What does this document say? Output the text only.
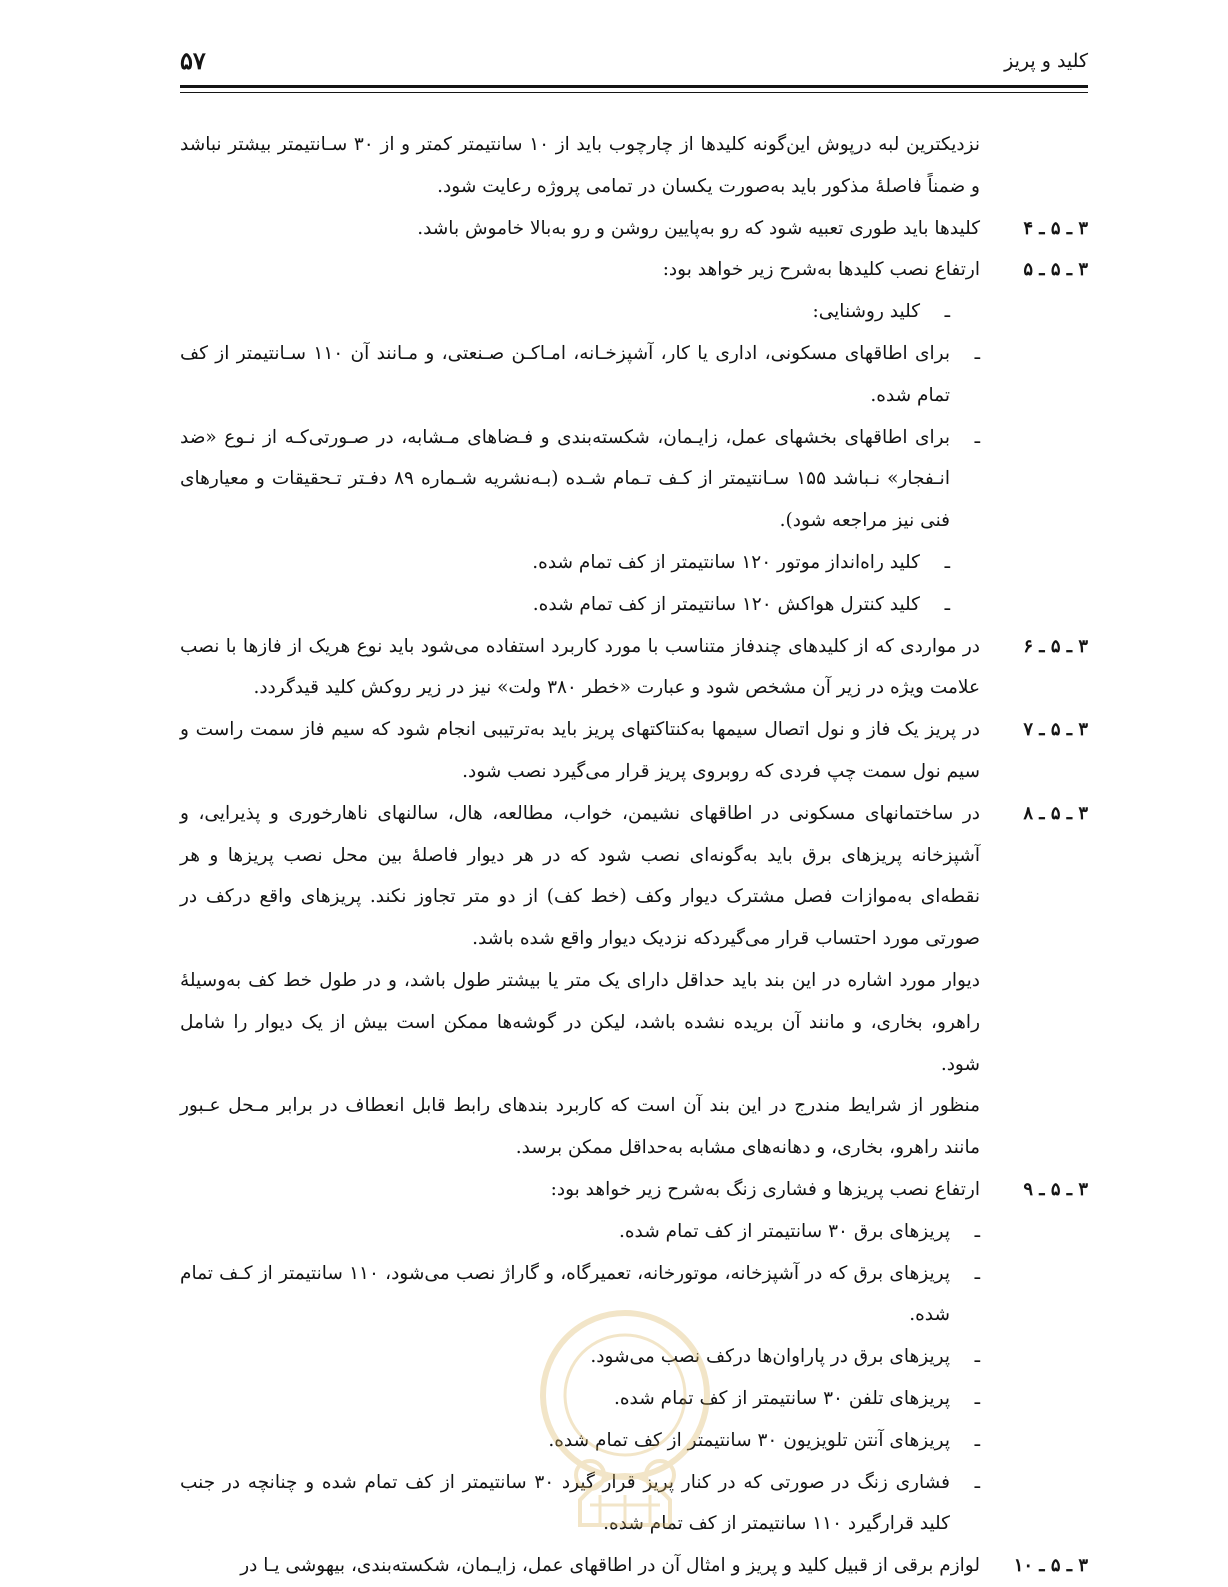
۵۷	کلید و پریز

نزدیکترین لبه درپوش این‌گونه کلیدها از چارچوب باید از ۱۰ سانتیمتر کمتر و از ۳۰ سـانتیمتر بیشتر نباشد و ضمناً فاصلهٔ مذکور باید به‌صورت یکسان در تمامی پروژه رعایت شود.

۳ ـ ۵ ـ ۴

کلیدها باید طوری تعبیه شود که رو به‌پایین روشن و رو به‌بالا خاموش باشد.

۳ ـ ۵ ـ ۵

ارتفاع نصب کلیدها به‌شرح زیر خواهد بود:

ـ

کلید روشنایی:

ـ

برای اطاقهای مسکونی، اداری یا کار، آشپزخـانه، امـاکـن صـنعتی، و مـانند آن ۱۱۰ سـانتیمتر از کف تمام شده.

ـ

برای اطاقهای بخشهای عمل، زایـمان، شکسته‌بندی و فـضاهای مـشابه، در صـورتی‌کـه از نـوع «ضد انـفجار» نـباشد ۱۵۵ سـانتیمتر از کـف تـمام شـده (بـه‌نشریه شـماره ۸۹ دفـتر تـحقیقات و معیارهای فنی نیز مراجعه شود).

ـ

کلید راه‌انداز موتور ۱۲۰ سانتیمتر از کف تمام شده.

ـ

کلید کنترل هواکش ۱۲۰ سانتیمتر از کف تمام شده.

۳ ـ ۵ ـ ۶

در مواردی که از کلیدهای چندفاز متناسب با مورد کاربرد استفاده می‌شود باید نوع هریک از فازها با نصب علامت ویژه در زیر آن مشخص شود و عبارت «خطر ۳۸۰ ولت» نیز در زیر روکش کلید قیدگردد.

۳ ـ ۵ ـ ۷

در پریز یک فاز و نول اتصال سیمها به‌کنتاکتهای پریز باید به‌ترتیبی انجام شود که سیم فاز سمت راست و سیم نول سمت چپ فردی که روبروی پریز قرار می‌گیرد نصب شود.

۳ ـ ۵ ـ ۸

در ساختمانهای مسکونی در اطاقهای نشیمن، خواب، مطالعه، هال، سالنهای ناهارخوری و پذیرایی، و آشپزخانه پریزهای برق باید به‌گونه‌ای نصب شود که در هر دیوار فاصلهٔ بین محل نصب پریزها و هر نقطه‌ای به‌موازات فصل مشترک دیوار وکف (خط کف) از دو متر تجاوز نکند. پریزهای واقع درکف در صورتی مورد احتساب قرار می‌گیردکه نزدیک دیوار واقع شده باشد.

دیوار مورد اشاره در این بند باید حداقل دارای یک متر یا بیشتر طول باشد، و در طول خط کف به‌وسیلهٔ راهرو، بخاری، و مانند آن بریده نشده باشد، لیکن در گوشه‌ها ممکن است بیش از یک دیوار را شامل شود.

منظور از شرایط مندرج در این بند آن است که کاربرد بندهای رابط قابل انعطاف در برابر مـحل عـبور مانند راهرو، بخاری، و دهانه‌های مشابه به‌حداقل ممکن برسد.

۳ ـ ۵ ـ ۹

ارتفاع نصب پریزها و فشاری زنگ به‌شرح زیر خواهد بود:

ـ

پریزهای برق ۳۰ سانتیمتر از کف تمام شده.

ـ

پریزهای برق که در آشپزخانه، موتورخانه، تعمیرگاه، و گاراژ نصب می‌شود، ۱۱۰ سانتیمتر از کـف تمام شده.

ـ

پریزهای برق در پاراوان‌ها درکف نصب می‌شود.

ـ

پریزهای تلفن ۳۰ سانتیمتر از کف تمام شده.

ـ

پریزهای آنتن تلویزیون ۳۰ سانتیمتر از کف تمام شده.

ـ

فشاری زنگ در صورتی که در کنار پریز قرار گیرد ۳۰ سانتیمتر از کف تمام شده و چنانچه در جنب کلید قرارگیرد ۱۱۰ سانتیمتر از کف تمام شده.

۳ ـ ۵ ـ ۱۰

لوازم برقی از قبیل کلید و پریز و امثال آن در اطاقهای عمل، زایـمان، شکسته‌بندی، بیهوشی یـا در
